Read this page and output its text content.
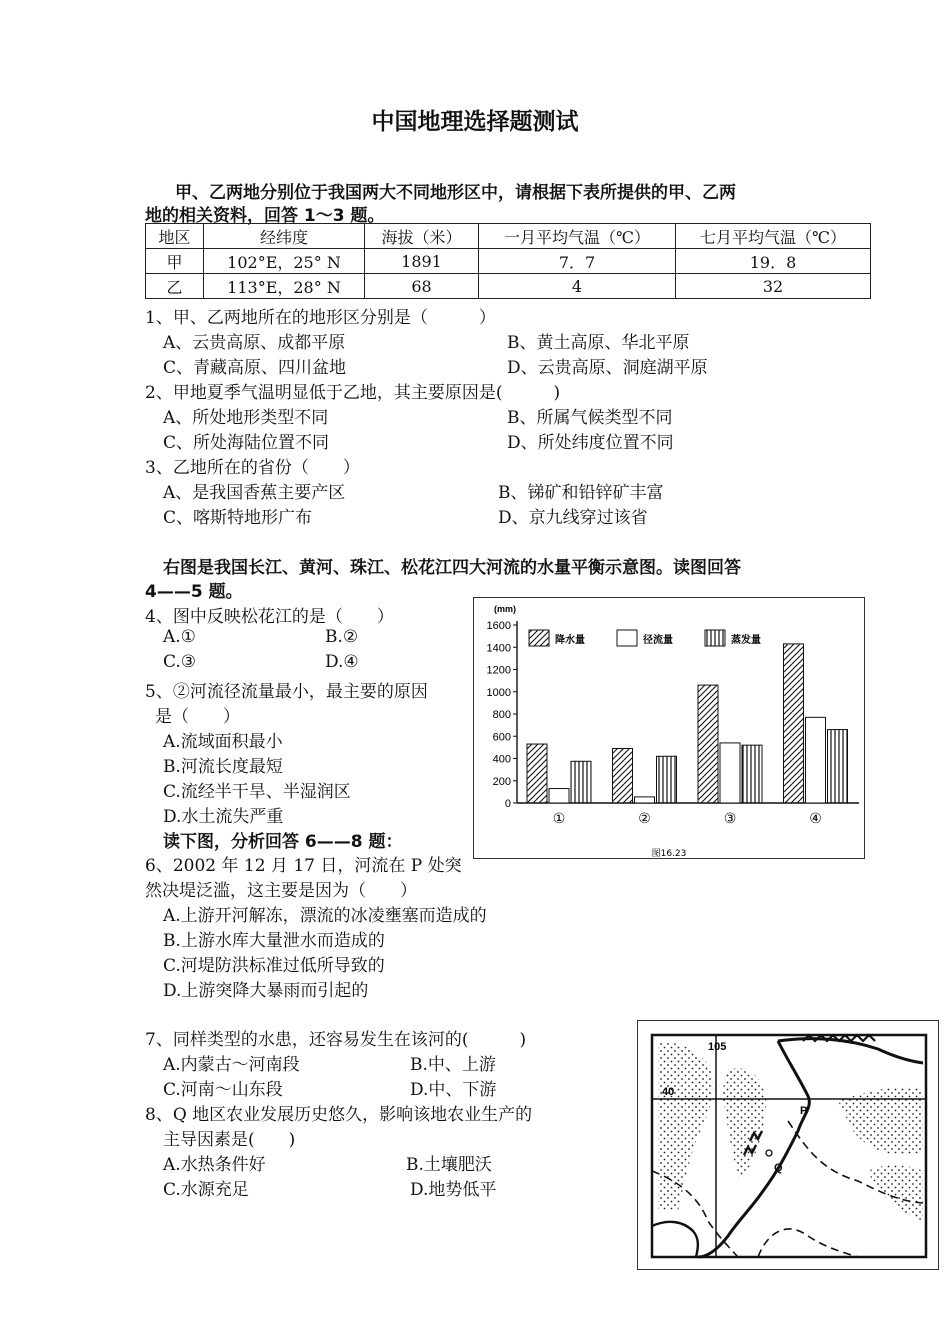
中国地理选择题测试
甲、乙两地分别位于我国两大不同地形区中，请根据下表所提供的甲、乙两
地的相关资料，回答 1～3 题。
地区	经纬度	海拔（米）	一月平均气温（℃）	七月平均气温（℃）
甲	102°E，25° N	1891	7．7	19．8
乙	113°E，28° N	68	4	32
1、甲、乙两地所在的地形区分别是（　　　）
A、云贵高原、成都平原	B、黄土高原、华北平原
C、青藏高原、四川盆地	D、云贵高原、洞庭湖平原
2、甲地夏季气温明显低于乙地，其主要原因是(　　　)
A、所处地形类型不同	B、所属气候类型不同
C、所处海陆位置不同	D、所处纬度位置不同
3、乙地所在的省份（　　）
A、是我国香蕉主要产区	B、锑矿和铅锌矿丰富
C、喀斯特地形广布	D、京九线穿过该省
右图是我国长江、黄河、珠江、松花江四大河流的水量平衡示意图。读图回答
4——5 题。
4、图中反映松花江的是（　　）
A.①	B.②
C.③	D.④
5、②河流径流量最小，最主要的原因
是（　　）
A.流域面积最小
B.河流长度最短
C.流经半干旱、半湿润区
D.水土流失严重
读下图，分析回答 6——8 题：
6、2002 年 12 月 17 日，河流在 P 处突
然决堤泛滥，这主要是因为（　　）
A.上游开河解冻，漂流的冰凌壅塞而造成的
B.上游水库大量泄水而造成的
C.河堤防洪标准过低所导致的
D.上游突降大暴雨而引起的
7、同样类型的水患，还容易发生在该河的(　　　)
A.内蒙古～河南段	B.中、上游
C.河南～山东段	D.中、下游
8、Q 地区农业发展历史悠久，影响该地农业生产的
主导因素是(　　)
A.水热条件好	B.土壤肥沃
C.水源充足	D.地势低平
(mm)
0
200
400
600
800
1000
1200
1400
1600
①	②	③	④
降水量	径流量	蒸发量
图16.23
105
40
P
Q
